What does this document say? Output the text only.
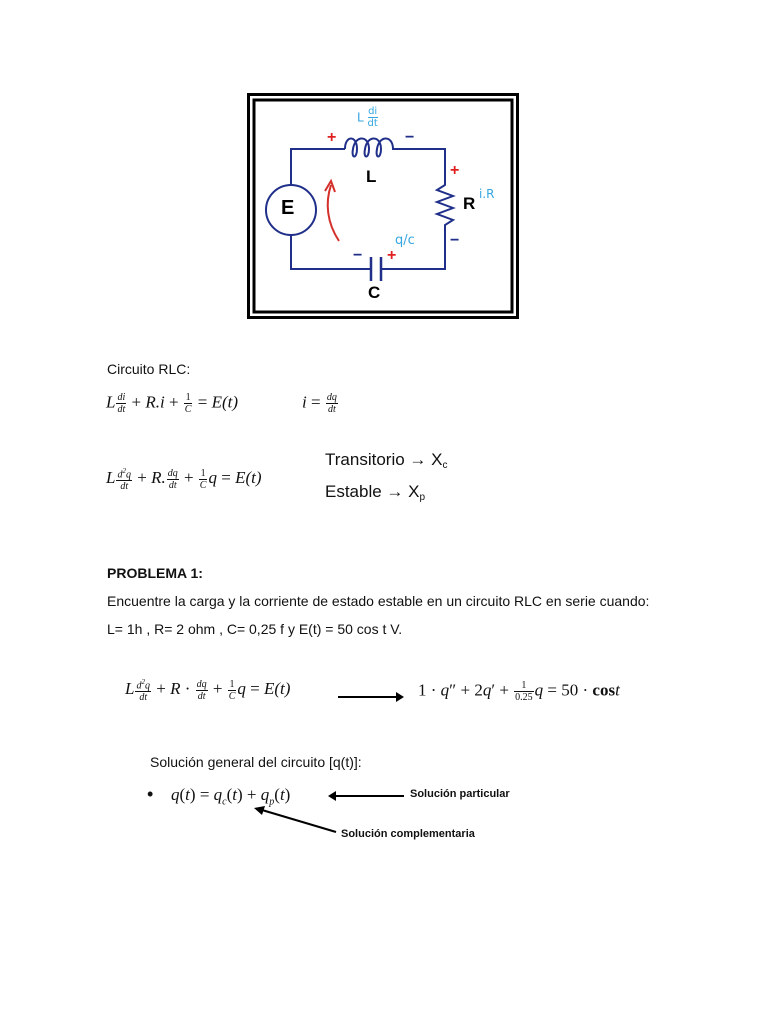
E
L
R
C
L $\frac{di}{dt}$
i.R
q/c
+	−
+
−
− +
Circuito RLC:
L $\frac{di}{dt} + R.i + \frac{1}{C} = E(t)$	$i = \frac{dq}{dt}$
L $\frac{d^2q}{dt} + R$. $\frac{dq}{dt} + \frac{1}{C}$ q = E(t)
Transitorio → $X_c$
Estable → $X_p$
PROBLEMA 1:
Encuentre la carga y la corriente de estado estable en un circuito RLC en serie cuando:
L= 1h , R= 2 ohm , C= 0,25 f y E(t) = 50 cos t V.
L $\frac{d^2q}{dt} + R \cdot \frac{dq}{dt} + \frac{1}{C}$ q = E(t)	$1 \cdot q'' + 2q' + \frac{1}{0.25}$ q = 50 · cost
Solución general del circuito [q(t)]:
• $q(t) = q_c(t) + q_p(t)$	Solución particular
Solución complementaria
